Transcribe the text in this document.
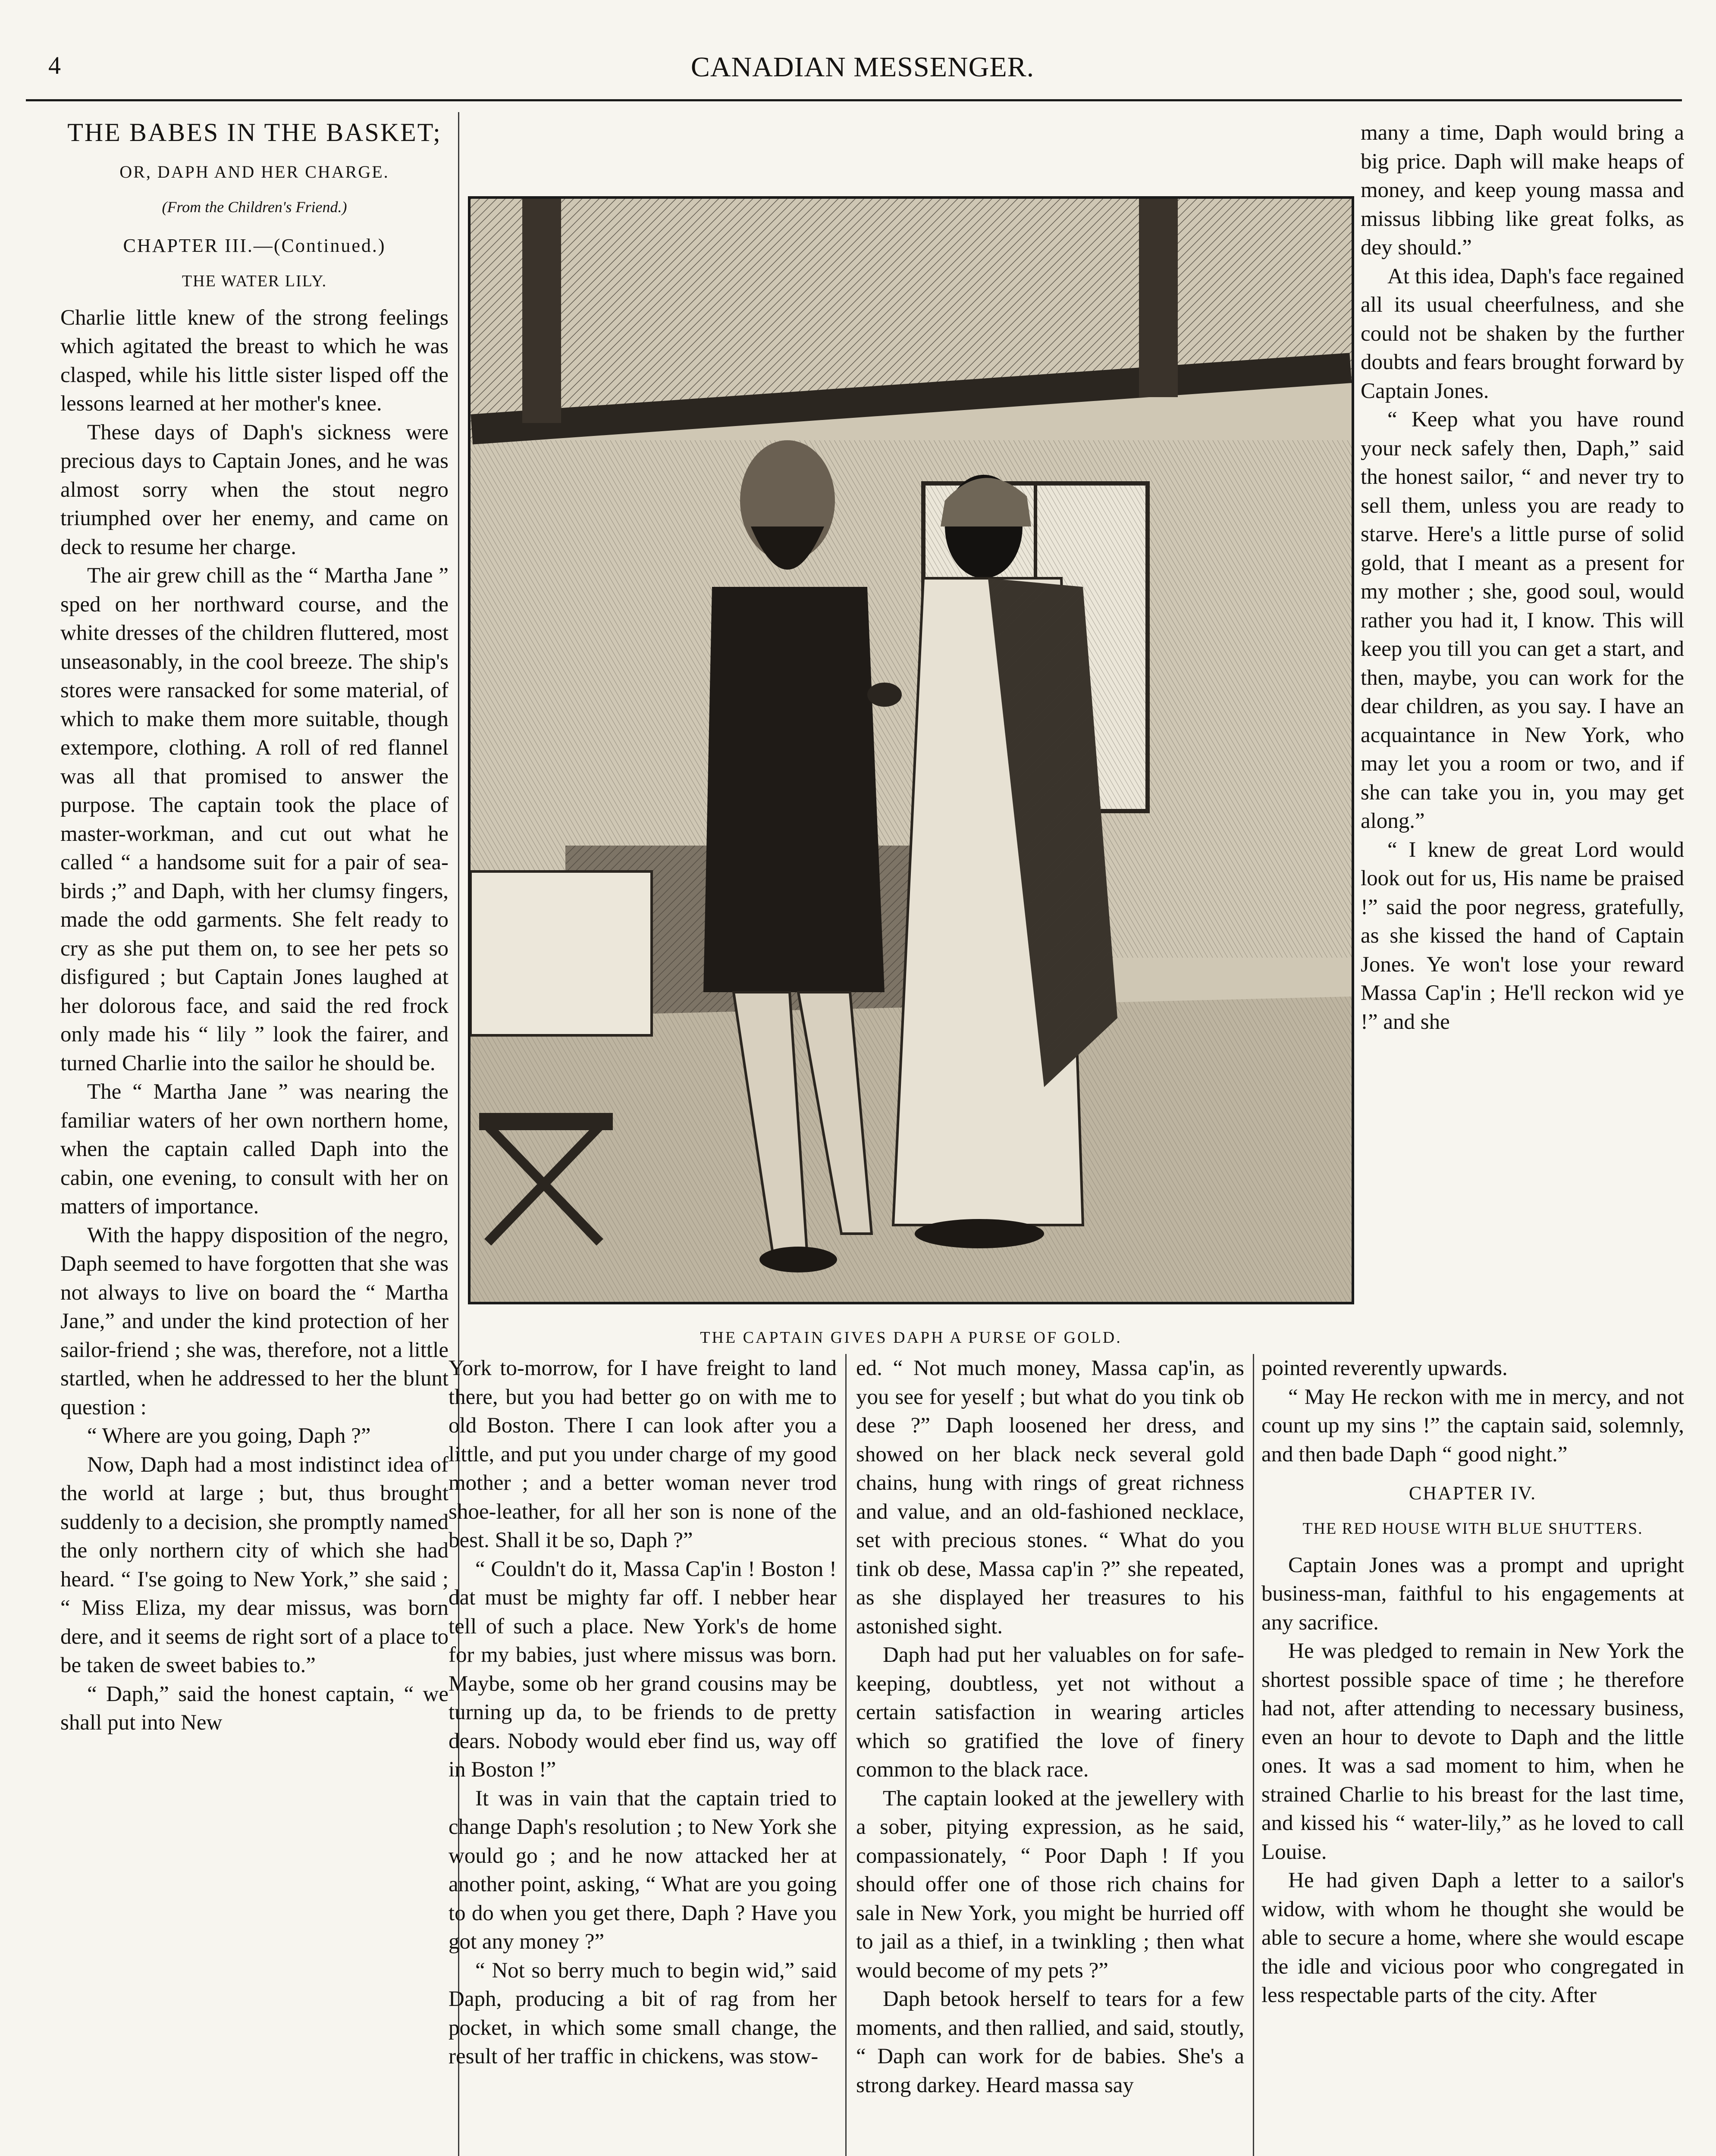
4	CANADIAN MESSENGER.

THE BABES IN THE BASKET;

OR, DAPH AND HER CHARGE.

(From the Children's Friend.)

CHAPTER III.—(Continued.)

THE WATER LILY.

Charlie little knew of the strong feelings which agitated the breast to which he was clasped, while his little sister lisped off the lessons learned at her mother's knee.

These days of Daph's sickness were precious days to Captain Jones, and he was almost sorry when the stout negro triumphed over her enemy, and came on deck to resume her charge.

The air grew chill as the “ Martha Jane ” sped on her northward course, and the white dresses of the children fluttered, most unseasonably, in the cool breeze. The ship's stores were ransacked for some material, of which to make them more suitable, though extempore, clothing. A roll of red flannel was all that promised to answer the purpose. The captain took the place of master-workman, and cut out what he called “ a handsome suit for a pair of sea-birds ;” and Daph, with her clumsy fingers, made the odd garments. She felt ready to cry as she put them on, to see her pets so disfigured ; but Captain Jones laughed at her dolorous face, and said the red frock only made his “ lily ” look the fairer, and turned Charlie into the sailor he should be.

The “ Martha Jane ” was nearing the familiar waters of her own northern home, when the captain called Daph into the cabin, one evening, to consult with her on matters of importance.

With the happy disposition of the negro, Daph seemed to have forgotten that she was not always to live on board the “ Martha Jane,” and under the kind protection of her sailor-friend ; she was, therefore, not a little startled, when he addressed to her the blunt question :

“ Where are you going, Daph ?”

Now, Daph had a most indistinct idea of the world at large ; but, thus brought suddenly to a decision, she promptly named the only northern city of which she had heard. “ I'se going to New York,” she said ; “ Miss Eliza, my dear missus, was born dere, and it seems de right sort of a place to be taken de sweet babies to.”

“ Daph,” said the honest captain, “ we shall put into New

THE CAPTAIN GIVES DAPH A PURSE OF GOLD.

York to-morrow, for I have freight to land there, but you had better go on with me to old Boston. There I can look after you a little, and put you under charge of my good mother ; and a better woman never trod shoe-leather, for all her son is none of the best. Shall it be so, Daph ?”

“ Couldn't do it, Massa Cap'in ! Boston ! dat must be mighty far off. I nebber hear tell of such a place. New York's de home for my babies, just where missus was born. Maybe, some ob her grand cousins may be turning up da, to be friends to de pretty dears. Nobody would eber find us, way off in Boston !”

It was in vain that the captain tried to change Daph's resolution ; to New York she would go ; and he now attacked her at another point, asking, “ What are you going to do when you get there, Daph ? Have you got any money ?”

“ Not so berry much to begin wid,” said Daph, producing a bit of rag from her pocket, in which some small change, the result of her traffic in chickens, was stow-

ed. “ Not much money, Massa cap'in, as you see for yeself ; but what do you tink ob dese ?” Daph loosened her dress, and showed on her black neck several gold chains, hung with rings of great richness and value, and an old-fashioned necklace, set with precious stones. “ What do you tink ob dese, Massa cap'in ?” she repeated, as she displayed her treasures to his astonished sight.

Daph had put her valuables on for safe-keeping, doubtless, yet not without a certain satisfaction in wearing articles which so gratified the love of finery common to the black race.

The captain looked at the jewellery with a sober, pitying expression, as he said, compassionately, “ Poor Daph ! If you should offer one of those rich chains for sale in New York, you might be hurried off to jail as a thief, in a twinkling ; then what would become of my pets ?”

Daph betook herself to tears for a few moments, and then rallied, and said, stoutly, “ Daph can work for de babies. She's a strong darkey. Heard massa say

many a time, Daph would bring a big price. Daph will make heaps of money, and keep young massa and missus libbing like great folks, as dey should.”

At this idea, Daph's face regained all its usual cheerfulness, and she could not be shaken by the further doubts and fears brought forward by Captain Jones.

“ Keep what you have round your neck safely then, Daph,” said the honest sailor, “ and never try to sell them, unless you are ready to starve. Here's a little purse of solid gold, that I meant as a present for my mother ; she, good soul, would rather you had it, I know. This will keep you till you can get a start, and then, maybe, you can work for the dear children, as you say. I have an acquaintance in New York, who may let you a room or two, and if she can take you in, you may get along.”

“ I knew de great Lord would look out for us, His name be praised !” said the poor negress, gratefully, as she kissed the hand of Captain Jones. Ye won't lose your reward Massa Cap'in ; He'll reckon wid ye !” and she

pointed reverently upwards.

“ May He reckon with me in mercy, and not count up my sins !” the captain said, solemnly, and then bade Daph “ good night.”

CHAPTER IV.

THE RED HOUSE WITH BLUE SHUTTERS.

Captain Jones was a prompt and upright business-man, faithful to his engagements at any sacrifice.

He was pledged to remain in New York the shortest possible space of time ; he therefore had not, after attending to necessary business, even an hour to devote to Daph and the little ones. It was a sad moment to him, when he strained Charlie to his breast for the last time, and kissed his “ water-lily,” as he loved to call Louise.

He had given Daph a letter to a sailor's widow, with whom he thought she would be able to secure a home, where she would escape the idle and vicious poor who congregated in less respectable parts of the city. After
